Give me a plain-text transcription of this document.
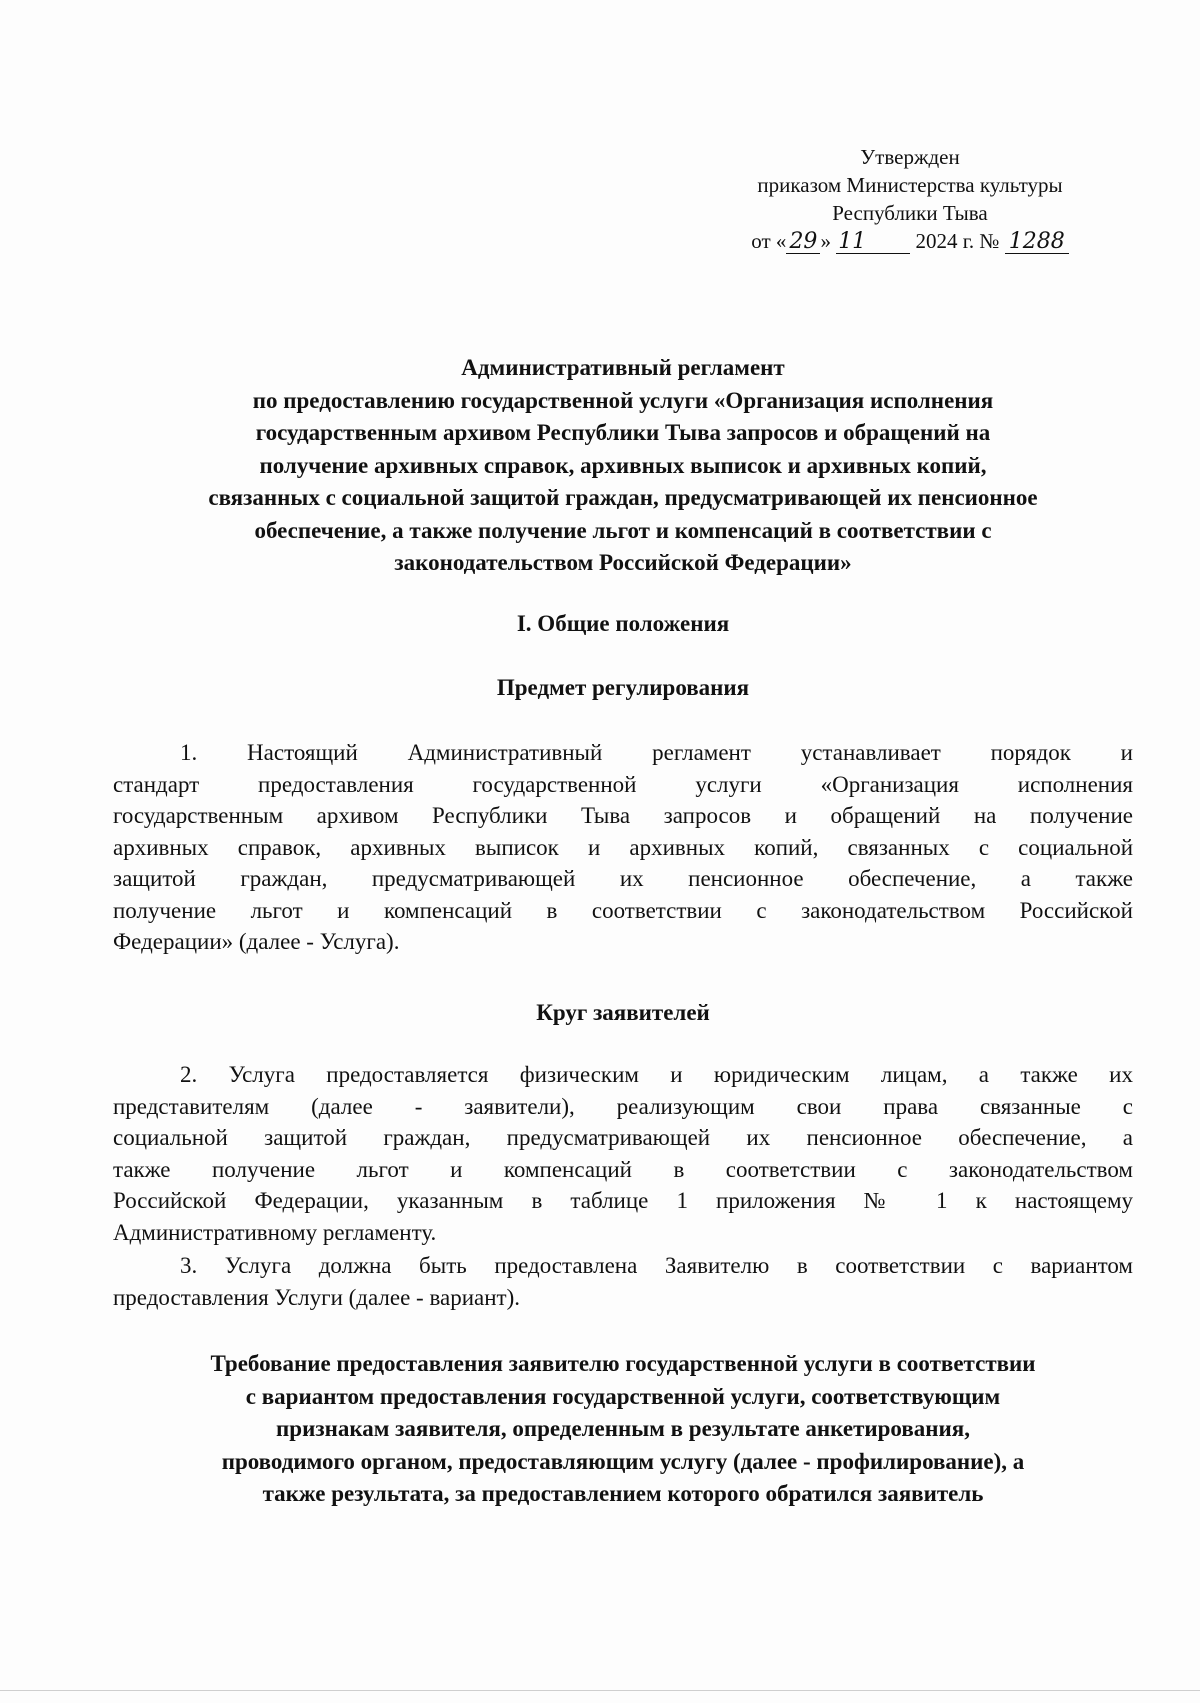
Утвержден
приказом Министерства культуры
Республики Тыва
от « 29 » 11 2024 г. № 1288
Административный регламент
по предоставлению государственной услуги «Организация исполнения
государственным архивом Республики Тыва запросов и обращений на
получение архивных справок, архивных выписок и архивных копий,
связанных с социальной защитой граждан, предусматривающей их пенсионное
обеспечение, а также получение льгот и компенсаций в соответствии с
законодательством Российской Федерации»
I. Общие положения
Предмет регулирования
1. Настоящий Административный регламент устанавливает порядок и
стандарт предоставления государственной услуги «Организация исполнения
государственным архивом Республики Тыва запросов и обращений на получение
архивных справок, архивных выписок и архивных копий, связанных с социальной
защитой граждан, предусматривающей их пенсионное обеспечение, а также
получение льгот и компенсаций в соответствии с законодательством Российской
Федерации» (далее - Услуга).
Круг заявителей
2. Услуга предоставляется физическим и юридическим лицам, а также их
представителям (далее - заявители), реализующим свои права связанные с
социальной защитой граждан, предусматривающей их пенсионное обеспечение, а
также получение льгот и компенсаций в соответствии с законодательством
Российской Федерации, указанным в таблице 1 приложения № 1 к настоящему
Административному регламенту.
3. Услуга должна быть предоставлена Заявителю в соответствии с вариантом
предоставления Услуги (далее - вариант).
Требование предоставления заявителю государственной услуги в соответствии
с вариантом предоставления государственной услуги, соответствующим
признакам заявителя, определенным в результате анкетирования,
проводимого органом, предоставляющим услугу (далее - профилирование), а
также результата, за предоставлением которого обратился заявитель
